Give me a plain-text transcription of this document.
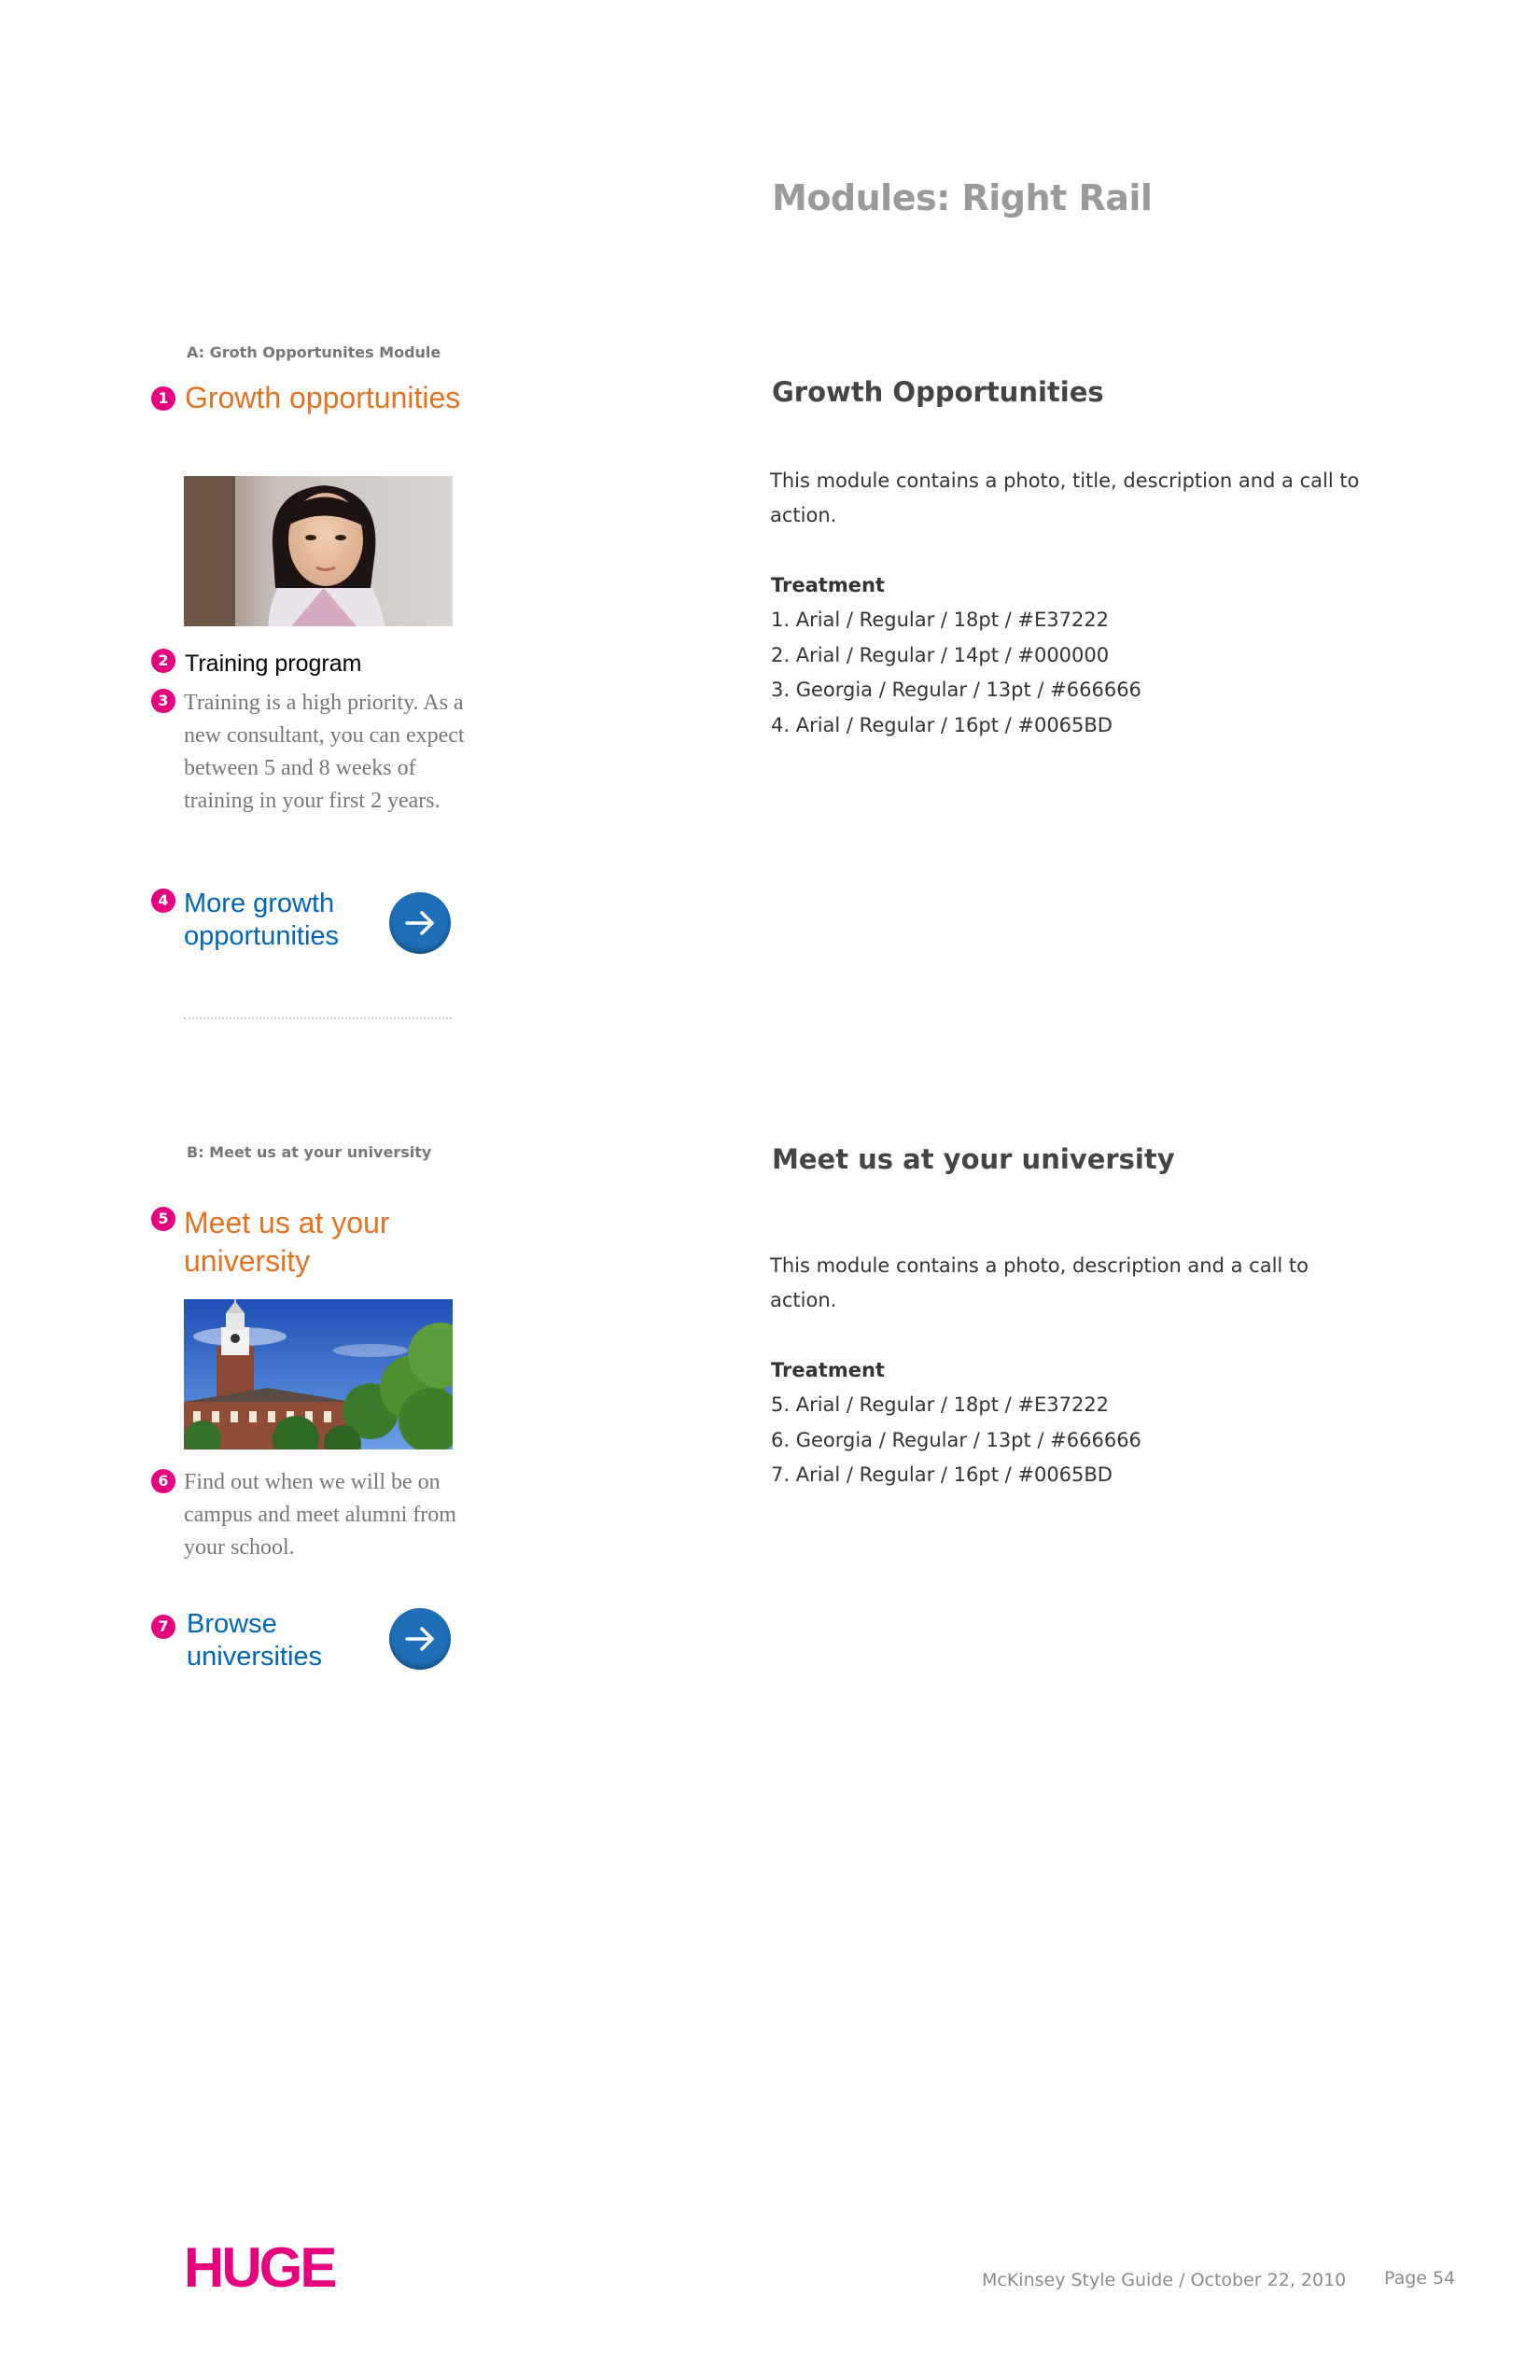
Modules: Right Rail
A: Groth Opportunites Module
1 Growth opportunities
2 Training program
3 Training is a high priority. As a new consultant, you can expect between 5 and 8 weeks of training in your first 2 years.
4 More growth opportunities
B: Meet us at your university
5 Meet us at your university
6 Find out when we will be on campus and meet alumni from your school.
7 Browse universities
Growth Opportunities
This module contains a photo, title, description and a call to action.
Treatment
1. Arial / Regular / 18pt / #E37222
2. Arial / Regular / 14pt / #000000
3. Georgia / Regular / 13pt / #666666
4. Arial / Regular / 16pt / #0065BD
Meet us at your university
This module contains a photo, description and a call to action.
Treatment
5. Arial / Regular / 18pt / #E37222
6. Georgia / Regular / 13pt / #666666
7. Arial / Regular / 16pt / #0065BD
HUGE	McKinsey Style Guide / October 22, 2010 Page 54
